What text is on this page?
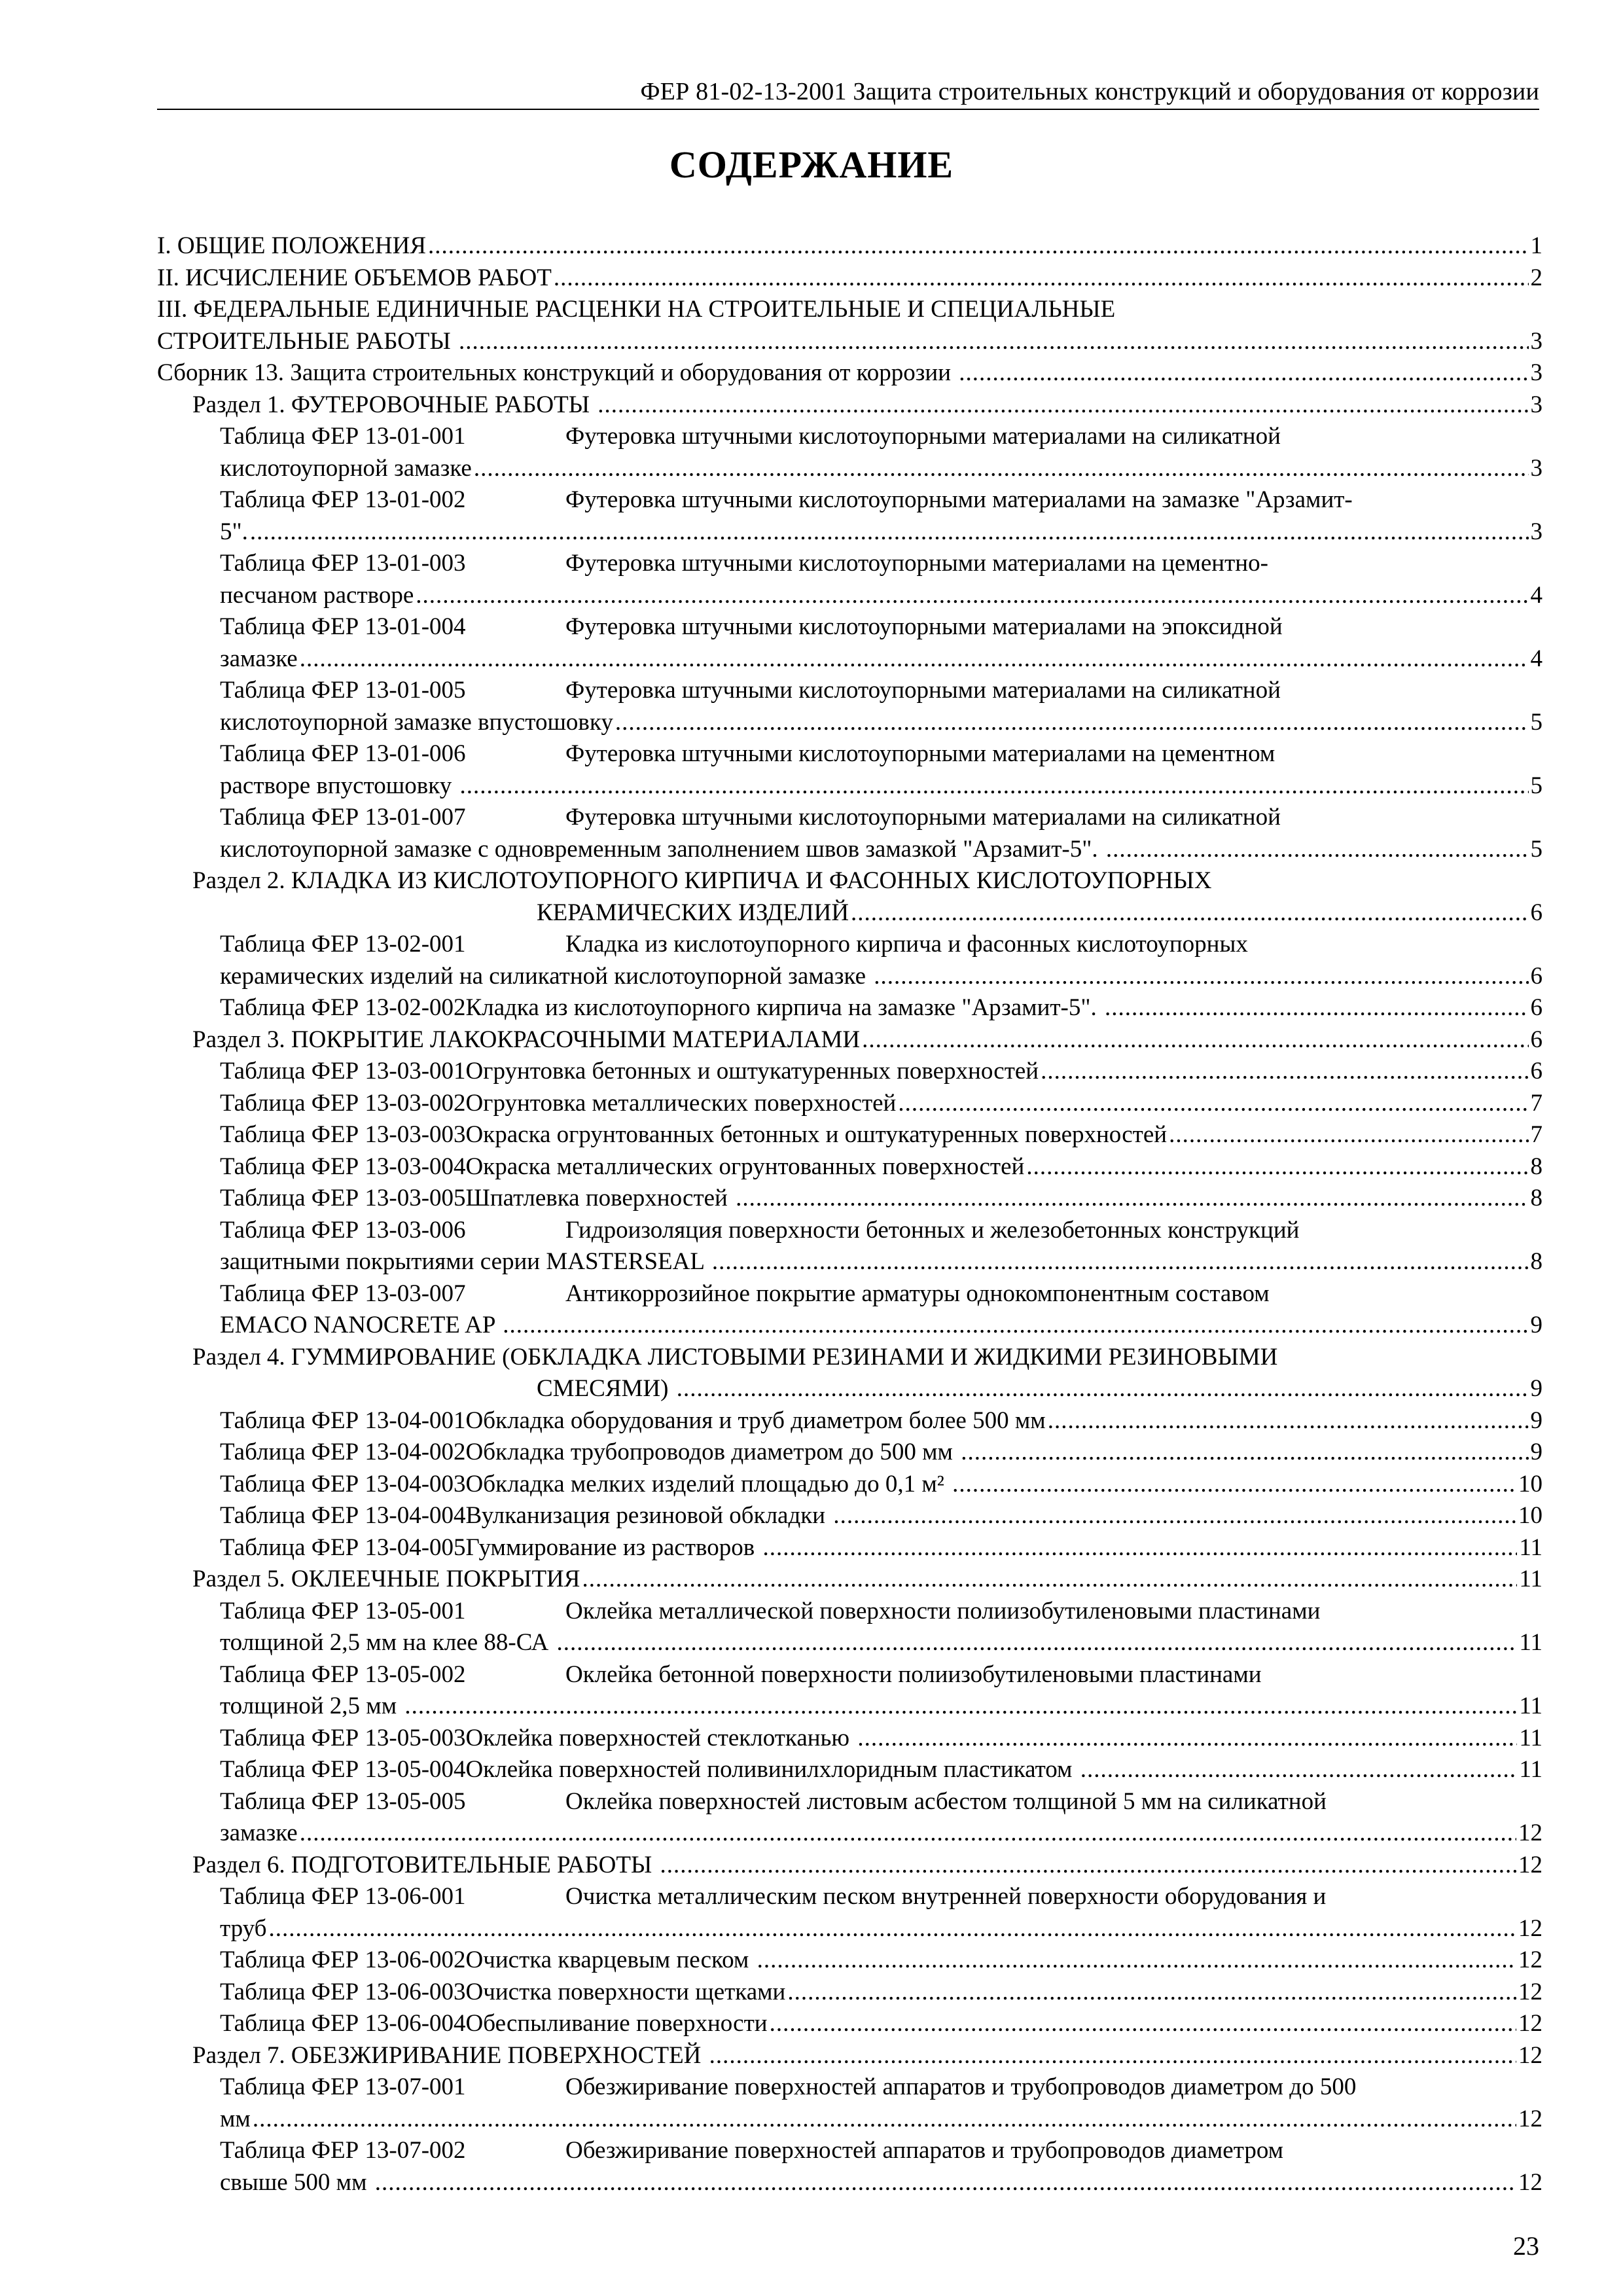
ФЕР 81-02-13-2001 Защита строительных конструкций и оборудования от коррозии
СОДЕРЖАНИЕ
I. ОБЩИЕ ПОЛОЖЕНИЯ .....	1
II. ИСЧИСЛЕНИЕ ОБЪЕМОВ РАБОТ .....	2
III. ФЕДЕРАЛЬНЫЕ ЕДИНИЧНЫЕ РАСЦЕНКИ НА СТРОИТЕЛЬНЫЕ И СПЕЦИАЛЬНЫЕ
СТРОИТЕЛЬНЫЕ РАБОТЫ .....	3
Сборник 13. Защита строительных конструкций и оборудования от коррозии .....	3
Раздел 1. ФУТЕРОВОЧНЫЕ РАБОТЫ .....	3
Таблица ФЕР 13-01-001	Футеровка штучными кислотоупорными материалами на силикатной
кислотоупорной замазке .....	3
Таблица ФЕР 13-01-002	Футеровка штучными кислотоупорными материалами на замазке "Арзамит-
5". .....	3
Таблица ФЕР 13-01-003	Футеровка штучными кислотоупорными материалами на цементно-
песчаном растворе .....	4
Таблица ФЕР 13-01-004	Футеровка штучными кислотоупорными материалами на эпоксидной
замазке .....	4
Таблица ФЕР 13-01-005	Футеровка штучными кислотоупорными материалами на силикатной
кислотоупорной замазке впустошовку .....	5
Таблица ФЕР 13-01-006	Футеровка штучными кислотоупорными материалами на цементном
растворе впустошовку .....	5
Таблица ФЕР 13-01-007	Футеровка штучными кислотоупорными материалами на силикатной
кислотоупорной замазке с одновременным заполнением швов замазкой "Арзамит-5". .....	5
Раздел 2. КЛАДКА ИЗ КИСЛОТОУПОРНОГО КИРПИЧА И ФАСОННЫХ КИСЛОТОУПОРНЫХ
КЕРАМИЧЕСКИХ ИЗДЕЛИЙ .....	6
Таблица ФЕР 13-02-001	Кладка из кислотоупорного кирпича и фасонных кислотоупорных
керамических изделий на силикатной кислотоупорной замазке .....	6
Таблица ФЕР 13-02-002 Кладка из кислотоупорного кирпича на замазке "Арзамит-5". .....	6
Раздел 3. ПОКРЫТИЕ ЛАКОКРАСОЧНЫМИ МАТЕРИАЛАМИ .....	6
Таблица ФЕР 13-03-001 Огрунтовка бетонных и оштукатуренных поверхностей .....	6
Таблица ФЕР 13-03-002 Огрунтовка металлических поверхностей .....	7
Таблица ФЕР 13-03-003 Окраска огрунтованных бетонных и оштукатуренных поверхностей .....	7
Таблица ФЕР 13-03-004 Окраска металлических огрунтованных поверхностей .....	8
Таблица ФЕР 13-03-005 Шпатлевка поверхностей .....	8
Таблица ФЕР 13-03-006	Гидроизоляция поверхности бетонных и железобетонных конструкций
защитными покрытиями серии MASTERSEAL .....	8
Таблица ФЕР 13-03-007	Антикоррозийное покрытие арматуры однокомпонентным составом
EMACO NANOCRETE AP .....	9
Раздел 4. ГУММИРОВАНИЕ (ОБКЛАДКА ЛИСТОВЫМИ РЕЗИНАМИ И ЖИДКИМИ РЕЗИНОВЫМИ
СМЕСЯМИ) .....	9
Таблица ФЕР 13-04-001 Обкладка оборудования и труб диаметром более 500 мм .....	9
Таблица ФЕР 13-04-002 Обкладка трубопроводов диаметром до 500 мм .....	9
Таблица ФЕР 13-04-003 Обкладка мелких изделий площадью до 0,1 м² .....	10
Таблица ФЕР 13-04-004 Вулканизация резиновой обкладки .....	10
Таблица ФЕР 13-04-005 Гуммирование из растворов .....	11
Раздел 5. ОКЛЕЕЧНЫЕ ПОКРЫТИЯ .....	11
Таблица ФЕР 13-05-001	Оклейка металлической поверхности полиизобутиленовыми пластинами
толщиной 2,5 мм на клее 88-СА .....	11
Таблица ФЕР 13-05-002	Оклейка бетонной поверхности полиизобутиленовыми пластинами
толщиной 2,5 мм .....	11
Таблица ФЕР 13-05-003 Оклейка поверхностей стеклотканью .....	11
Таблица ФЕР 13-05-004 Оклейка поверхностей поливинилхлоридным пластикатом .....	11
Таблица ФЕР 13-05-005	Оклейка поверхностей листовым асбестом толщиной 5 мм на силикатной
замазке .....	12
Раздел 6. ПОДГОТОВИТЕЛЬНЫЕ РАБОТЫ .....	12
Таблица ФЕР 13-06-001	Очистка металлическим песком внутренней поверхности оборудования и
труб .....	12
Таблица ФЕР 13-06-002 Очистка кварцевым песком .....	12
Таблица ФЕР 13-06-003 Очистка поверхности щетками .....	12
Таблица ФЕР 13-06-004 Обеспыливание поверхности .....	12
Раздел 7. ОБЕЗЖИРИВАНИЕ ПОВЕРХНОСТЕЙ .....	12
Таблица ФЕР 13-07-001	Обезжиривание поверхностей аппаратов и трубопроводов диаметром до 500
мм .....	12
Таблица ФЕР 13-07-002	Обезжиривание поверхностей аппаратов и трубопроводов диаметром
свыше 500 мм .....	12
23
